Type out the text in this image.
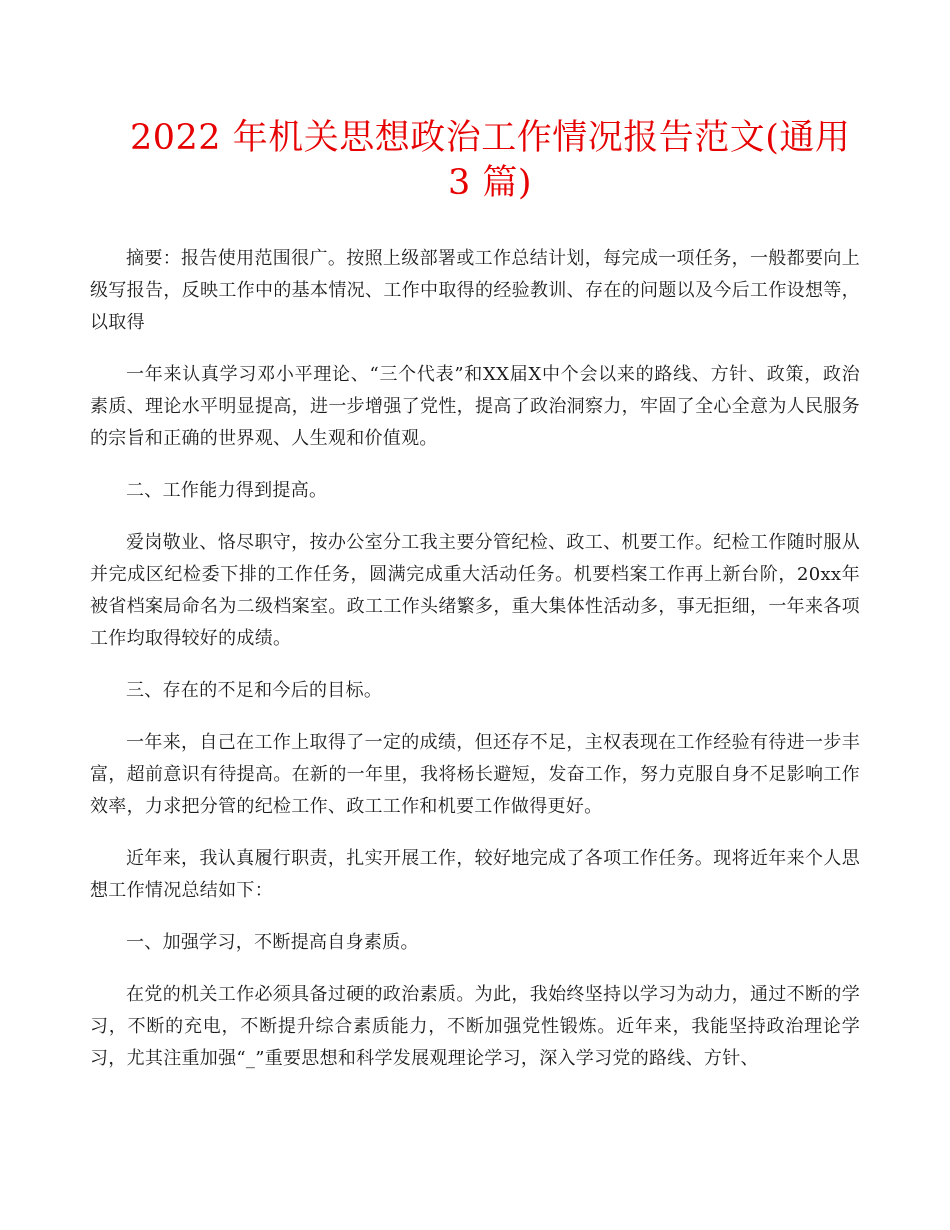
2022 年机关思想政治工作情况报告范文(通用
3 篇)

摘要：报告使用范围很广。按照上级部署或工作总结计划，每完成一项任务，一般都要向上级写报告，反映工作中的基本情况、工作中取得的经验教训、存在的问题以及今后工作设想等，以取得

一年来认真学习邓小平理论、“三个代表”和XX届X中个会以来的路线、方针、政策，政治素质、理论水平明显提高，进一步增强了党性，提高了政治洞察力，牢固了全心全意为人民服务的宗旨和正确的世界观、人生观和价值观。

二、工作能力得到提高。

爱岗敬业、恪尽职守，按办公室分工我主要分管纪检、政工、机要工作。纪检工作随时服从并完成区纪检委下排的工作任务，圆满完成重大活动任务。机要档案工作再上新台阶，20xx年被省档案局命名为二级档案室。政工工作头绪繁多，重大集体性活动多，事无拒细，一年来各项工作均取得较好的成绩。

三、存在的不足和今后的目标。

一年来，自己在工作上取得了一定的成绩，但还存不足，主权表现在工作经验有待进一步丰富，超前意识有待提高。在新的一年里，我将杨长避短，发奋工作，努力克服自身不足影响工作效率，力求把分管的纪检工作、政工工作和机要工作做得更好。

近年来，我认真履行职责，扎实开展工作，较好地完成了各项工作任务。现将近年来个人思想工作情况总结如下：

一、加强学习，不断提高自身素质。

在党的机关工作必须具备过硬的政治素质。为此，我始终坚持以学习为动力，通过不断的学习，不断的充电，不断提升综合素质能力，不断加强党性锻炼。近年来，我能坚持政治理论学习，尤其注重加强“_”重要思想和科学发展观理论学习，深入学习党的路线、方针、
